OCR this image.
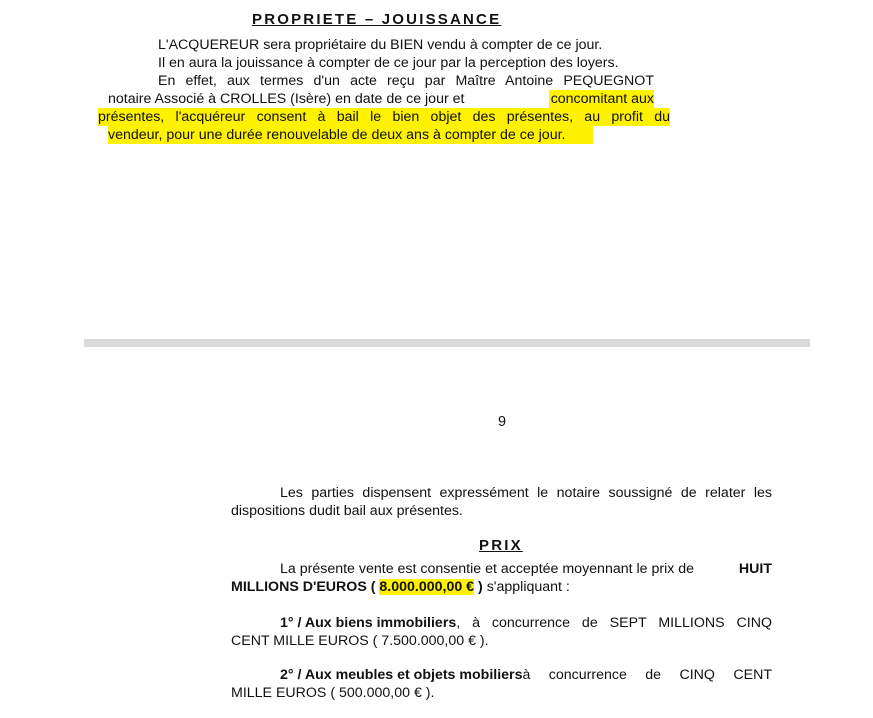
PROPRIETE – JOUISSANCE
L'ACQUEREUR sera propriétaire du BIEN vendu à compter de ce jour.
Il en aura la jouissance à compter de ce jour par la perception des loyers.
En effet, aux termes d'un acte reçu par Maître Antoine PEQUEGNOT
notaire Associé à CROLLES (Isère) en date de ce jour et	concomitant aux
présentes, l'acquéreur consent à bail le bien objet des présentes, au profit du
vendeur, pour une durée renouvelable de deux ans à compter de ce jour.
9
Les parties dispensent expressément le notaire soussigné de relater les
dispositions dudit bail aux présentes.
PRIX
La présente vente est consentie et acceptée moyennant le prix de	HUIT
MILLIONS D'EUROS ( 8.000.000,00 € ) s'appliquant :
1° / Aux biens immobiliers , à concurrence de SEPT MILLIONS CINQ
CENT MILLE EUROS ( 7.500.000,00 € ).
2° / Aux meubles et objets mobiliers à concurrence de CINQ CENT
MILLE EUROS ( 500.000,00 € ).
